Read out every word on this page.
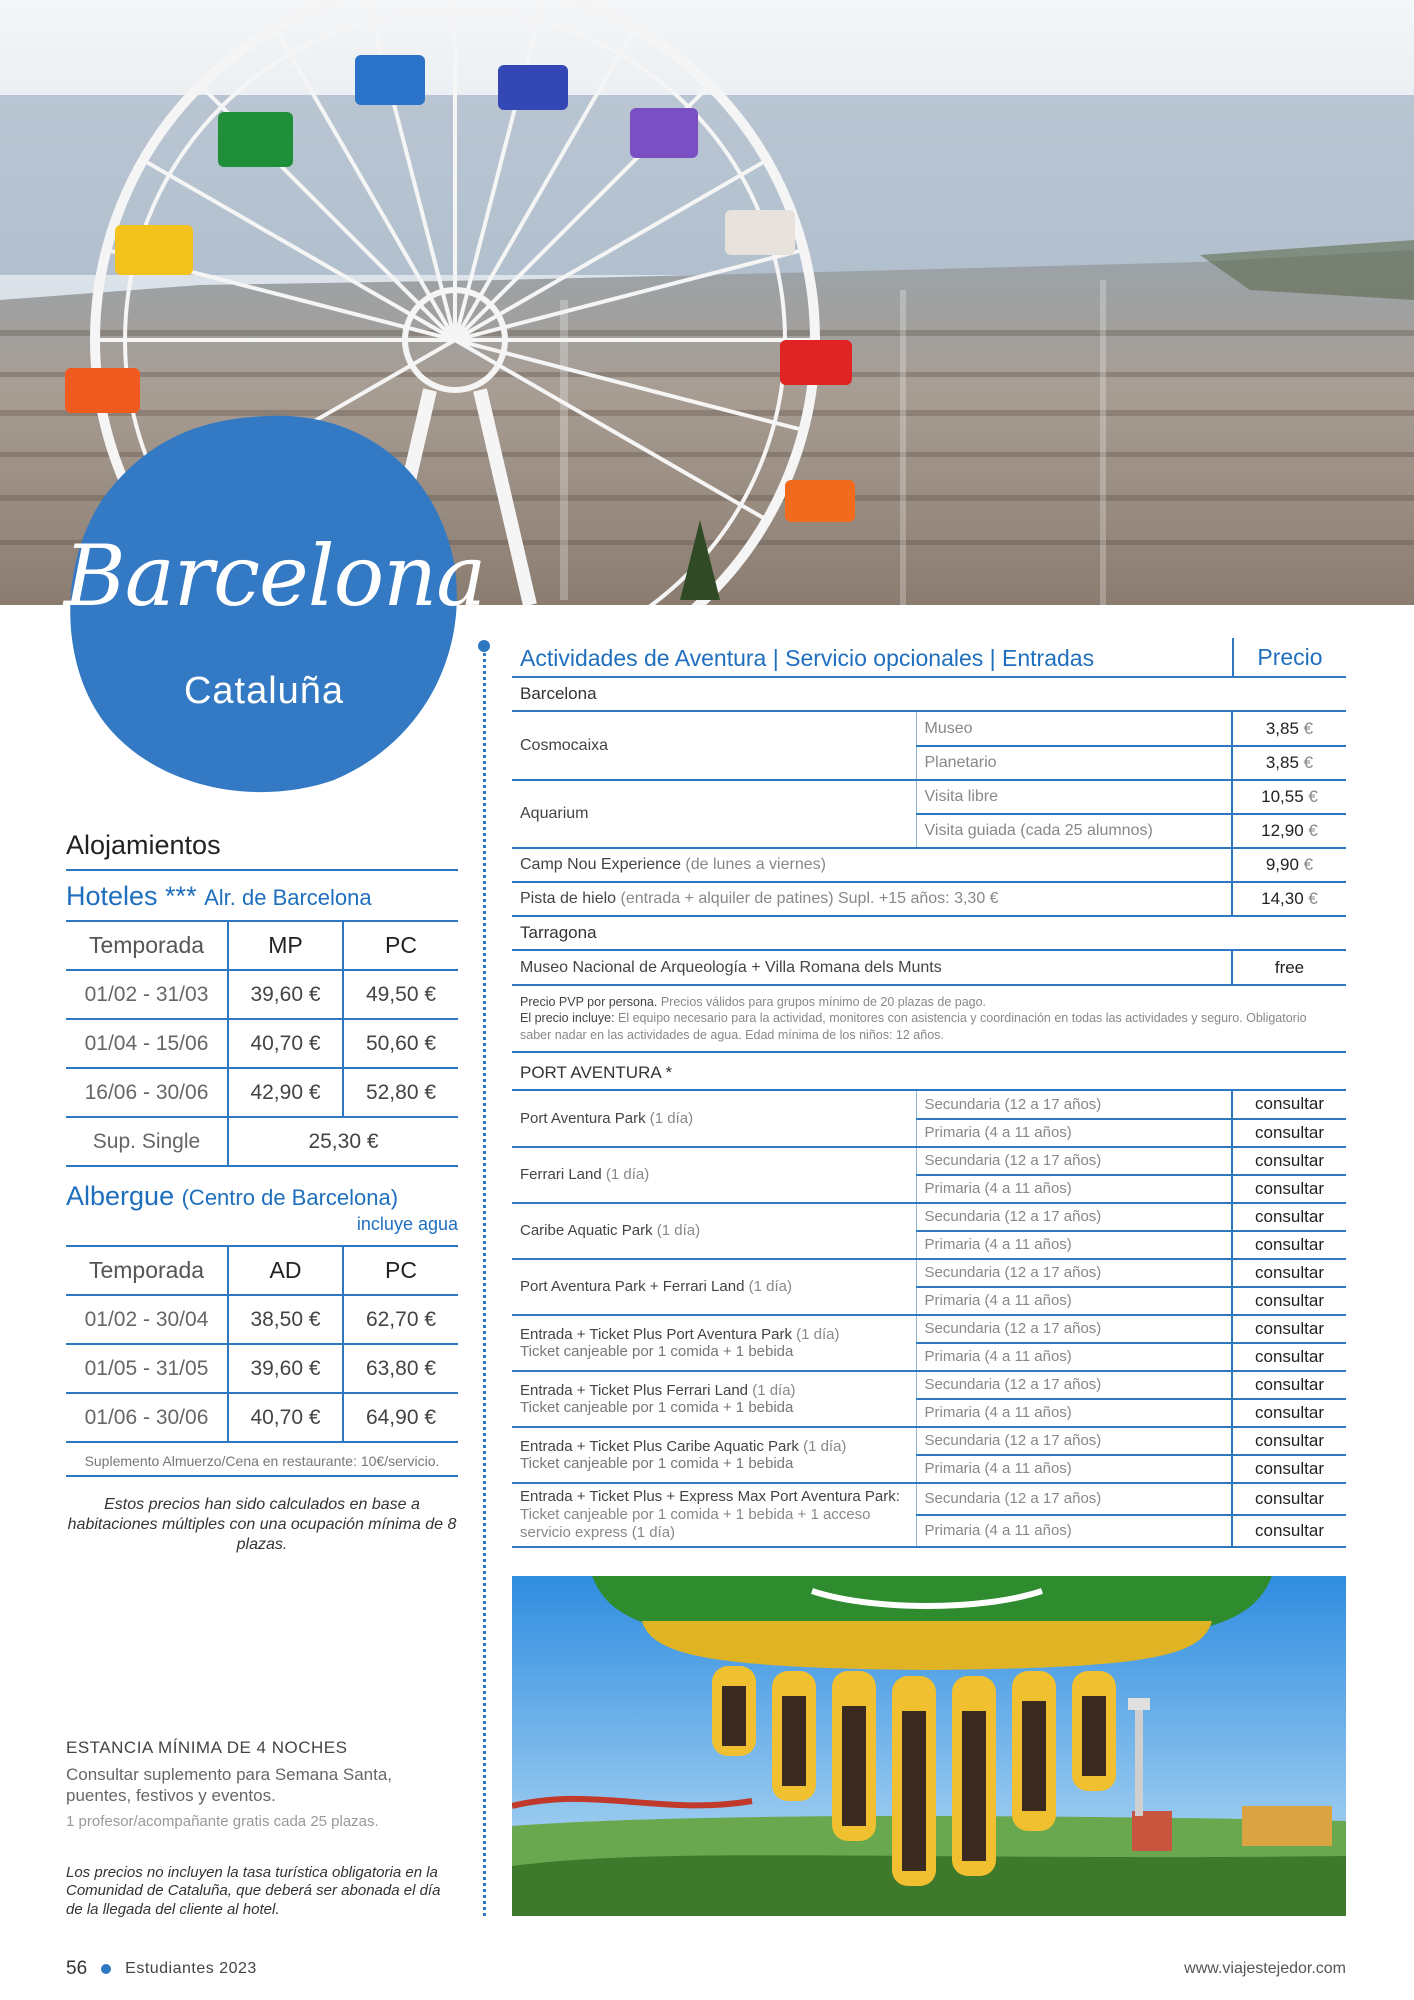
Barcelona
Cataluña
Alojamientos
Hoteles *** Alr. de Barcelona
Temporada	MP	PC
01/02 - 31/03	39,60 €	49,50 €
01/04 - 15/06	40,70 €	50,60 €
16/06 - 30/06	42,90 €	52,80 €
Sup. Single	25,30 €	
Albergue (Centro de Barcelona)
incluye agua
Temporada	AD	PC
01/02 - 30/04	38,50 €	62,70 €
01/05 - 31/05	39,60 €	63,80 €
01/06 - 30/06	40,70 €	64,90 €
Suplemento Almuerzo/Cena en restaurante: 10€/servicio.
Estos precios han sido calculados en base a habitaciones múltiples con una ocupación mínima de 8 plazas.
ESTANCIA MÍNIMA DE 4 NOCHES
Consultar suplemento para Semana Santa, puentes, festivos y eventos.
1 profesor/acompañante gratis cada 25 plazas.
Los precios no incluyen la tasa turística obligatoria en la Comunidad de Cataluña, que deberá ser abonada el día de la llegada del cliente al hotel.
Actividades de Aventura | Servicio opcionales | Entradas	Precio
Barcelona
Cosmocaixa	Museo	3,85 €
	Planetario	3,85 €
Aquarium	Visita libre	10,55 €
	Visita guiada (cada 25 alumnos)	12,90 €
Camp Nou Experience (de lunes a viernes)		9,90 €
Pista de hielo (entrada + alquiler de patines) Supl. +15 años: 3,30 €		14,30 €
Tarragona
Museo Nacional de Arqueología + Villa Romana dels Munts	free
Precio PVP por persona. Precios válidos para grupos mínimo de 20 plazas de pago.
El precio incluye: El equipo necesario para la actividad, monitores con asistencia y coordinación en todas las actividades y seguro. Obligatorio saber nadar en las actividades de agua. Edad mínima de los niños: 12 años.
PORT AVENTURA *
Port Aventura Park (1 día)	Secundaria (12 a 17 años)	consultar
	Primaria (4 a 11 años)	consultar
Ferrari Land (1 día)	Secundaria (12 a 17 años)	consultar
	Primaria (4 a 11 años)	consultar
Caribe Aquatic Park (1 día)	Secundaria (12 a 17 años)	consultar
	Primaria (4 a 11 años)	consultar
Port Aventura Park + Ferrari Land (1 día)	Secundaria (12 a 17 años)	consultar
	Primaria (4 a 11 años)	consultar
Entrada + Ticket Plus Port Aventura Park (1 día)
Ticket canjeable por 1 comida + 1 bebida	Secundaria (12 a 17 años)	consultar
	Primaria (4 a 11 años)	consultar
Entrada + Ticket Plus Ferrari Land (1 día)
Ticket canjeable por 1 comida + 1 bebida	Secundaria (12 a 17 años)	consultar
	Primaria (4 a 11 años)	consultar
Entrada + Ticket Plus Caribe Aquatic Park (1 día)
Ticket canjeable por 1 comida + 1 bebida	Secundaria (12 a 17 años)	consultar
	Primaria (4 a 11 años)	consultar
Entrada + Ticket Plus + Express Max Port Aventura Park: Ticket canjeable por 1 comida + 1 bebida + 1 acceso servicio express (1 día)	Secundaria (12 a 17 años)	consultar
	Primaria (4 a 11 años)	consultar
56 Estudiantes 2023	www.viajestejedor.com
